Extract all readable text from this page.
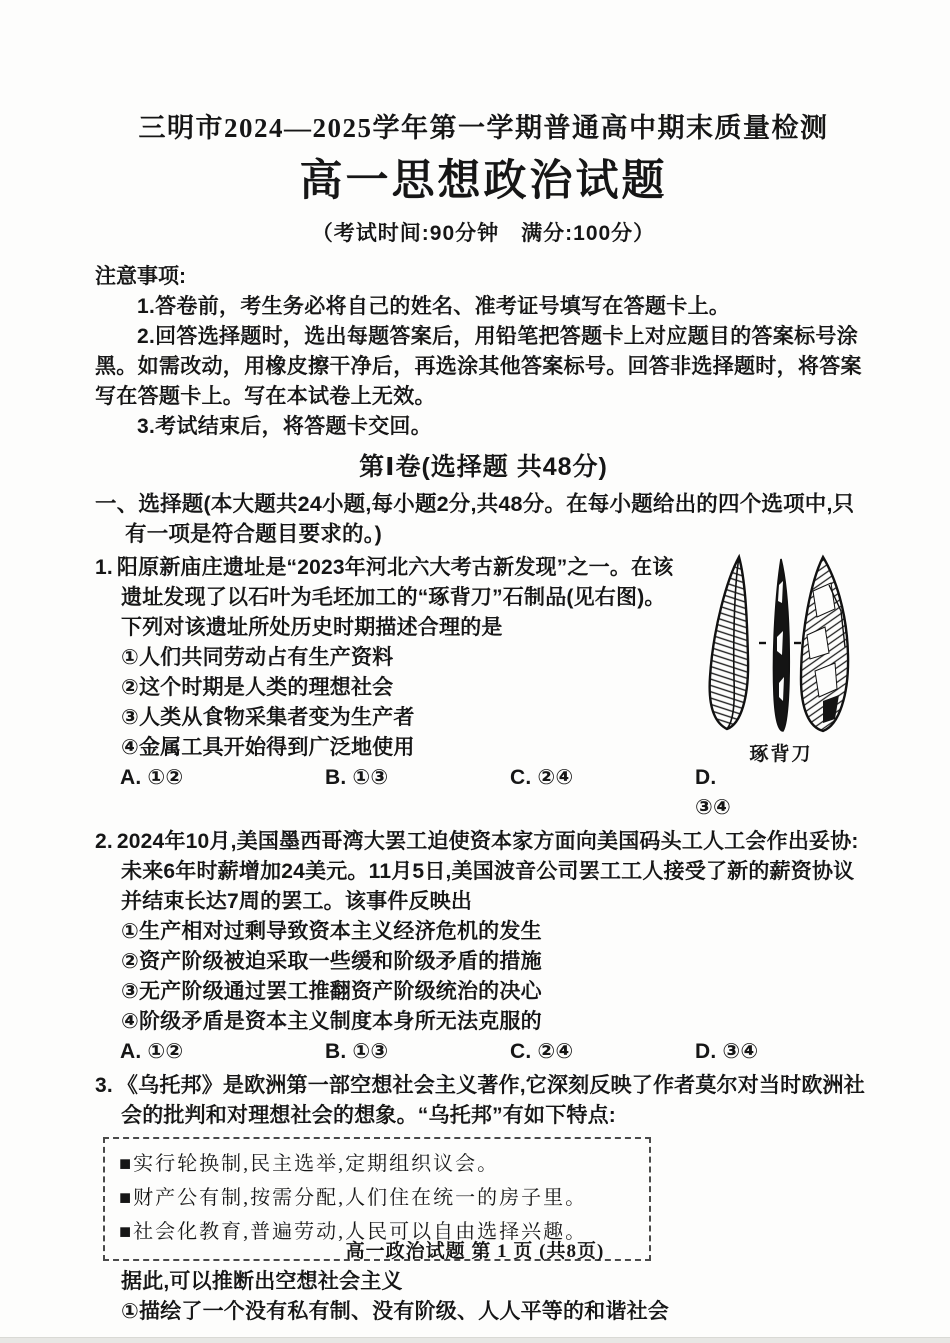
三明市2024—2025学年第一学期普通高中期末质量检测
高一思想政治试题
（考试时间:90分钟　满分:100分）
注意事项:

1.答卷前，考生务必将自己的姓名、准考证号填写在答题卡上。

2.回答选择题时，选出每题答案后，用铅笔把答题卡上对应题目的答案标号涂黑。如需改动，用橡皮擦干净后，再选涂其他答案标号。回答非选择题时，将答案写在答题卡上。写在本试卷上无效。

3.考试结束后，将答题卡交回。

第Ⅰ卷(选择题 共48分)
一、选择题(本大题共24小题,每小题2分,共48分。在每小题给出的四个选项中,只有一项是符合题目要求的。)
琢背刀

1. 阳原新庙庄遗址是“2023年河北六大考古新发现”之一。在该遗址发现了以石叶为毛坯加工的“琢背刀”石制品(见右图)。下列对该遗址所处历史时期描述合理的是

①人们共同劳动占有生产资料

②这个时期是人类的理想社会

③人类从食物采集者变为生产者

④金属工具开始得到广泛地使用

A. ①②	B. ①③	C. ②④	D. ③④

2. 2024年10月,美国墨西哥湾大罢工迫使资本家方面向美国码头工人工会作出妥协:未来6年时薪增加24美元。11月5日,美国波音公司罢工工人接受了新的薪资协议并结束长达7周的罢工。该事件反映出

①生产相对过剩导致资本主义经济危机的发生

②资产阶级被迫采取一些缓和阶级矛盾的措施

③无产阶级通过罢工推翻资产阶级统治的决心

④阶级矛盾是资本主义制度本身所无法克服的

A. ①②	B. ①③	C. ②④	D. ③④

3. 《乌托邦》是欧洲第一部空想社会主义著作,它深刻反映了作者莫尔对当时欧洲社会的批判和对理想社会的想象。“乌托邦”有如下特点:

■实行轮换制,民主选举,定期组织议会。

■财产公有制,按需分配,人们住在统一的房子里。

■社会化教育,普遍劳动,人民可以自由选择兴趣。

据此,可以推断出空想社会主义

①描绘了一个没有私有制、没有阶级、人人平等的和谐社会

高一政治试题 第 1 页 (共8页)
